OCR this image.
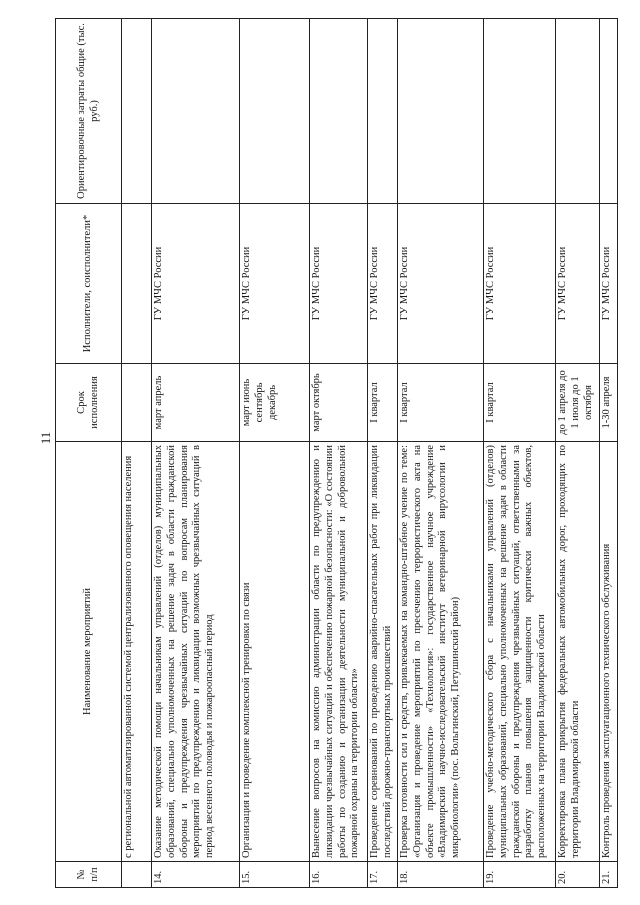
11
№ п/п	Наименование мероприятий	Срок исполнения	Исполнители, соисполнители*	Ориентировочные затраты общие (тыс. руб.)
	с региональной автоматизированной системой централизованного оповещения населения			
14.	Оказание методической помощи начальникам управлений (отделов) муниципальных образований, специально уполномоченных на решение задач в области гражданской обороны и предупреждения чрезвычайных ситуаций по вопросам планирования мероприятий по предупреждению и ликвидации возможных чрезвычайных ситуаций в период весеннего половодья и пожароопасный период	март апрель	ГУ МЧС России	
15.	Организация и проведение комплексной тренировки по связи	март июнь сентябрь декабрь	ГУ МЧС России	
16.	Вынесение вопросов на комиссию администрации области по предупреждению и ликвидации чрезвычайных ситуаций и обеспечению пожарной безопасности: «О состоянии работы по созданию и организации деятельности муниципальной и добровольной пожарной охраны на территории области»	март октябрь	ГУ МЧС России	
17.	Проведение соревнований по проведению аварийно-спасательных работ при ликвидации последствий дорожно-транспортных происшествий	I квартал	ГУ МЧС России	
18.	Проверка готовности сил и средств, привлекаемых на командно-штабное учение по теме: «Организация и проведение мероприятий по пресечению террористического акта на объекте промышленности» «Технология»: государственное научное учреждение «Владимирский научно-исследовательский институт ветеринарной вирусологии и микробиологии» (пос. Вольгинский, Петушинский район)	I квартал	ГУ МЧС России	
19.	Проведение учебно-методического сбора с начальниками управлений (отделов) муниципальных образований, специально уполномоченных на решение задач в области гражданской обороны и предупреждения чрезвычайных ситуаций, ответственными за разработку планов повышения защищенности критически важных объектов, расположенных на территории Владимирской области	I квартал	ГУ МЧС России	
20.	Корректировка плана прикрытия федеральных автомобильных дорог, проходящих по территории Владимирской области	до 1 апреля до 1 июля до 1 октября	ГУ МЧС России	
21.	Контроль проведения эксплуатационного технического обслуживания	1-30 апреля	ГУ МЧС России	
